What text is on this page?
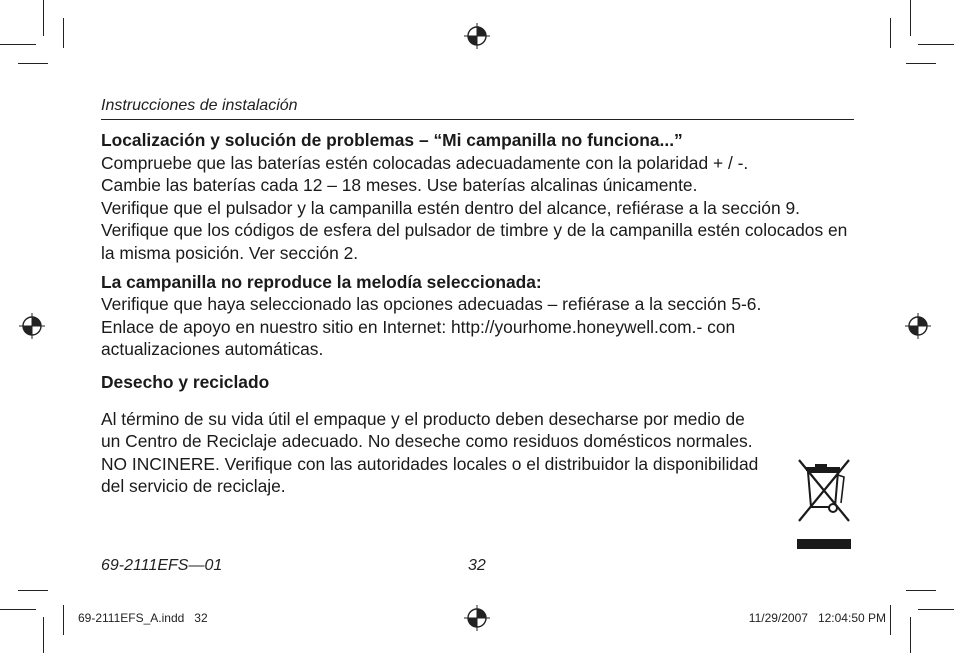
Instrucciones de instalación

Localización y solución de problemas – “Mi campanilla no funciona...”

Compruebe que las baterías estén colocadas adecuadamente con la polaridad + / -.

Cambie las baterías cada 12 – 18 meses. Use baterías alcalinas únicamente.

Verifique que el pulsador y la campanilla estén dentro del alcance, refiérase a la sección 9.

Verifique que los códigos de esfera del pulsador de timbre y de la campanilla estén colocados en la misma posición. Ver sección 2.

La campanilla no reproduce la melodía seleccionada:

Verifique que haya seleccionado las opciones adecuadas – refiérase a la sección 5-6.

Enlace de apoyo en nuestro sitio en Internet: http://yourhome.honeywell.com.- con actualizaciones automáticas.

Desecho y reciclado

Al término de su vida útil el empaque y el producto deben desecharse por medio de un Centro de Reciclaje adecuado. No deseche como residuos domésticos normales. NO INCINERE. Verifique con las autoridades locales o el distribuidor la disponibilidad del servicio de reciclaje.

69-2111EFS—01	32
69-2111EFS_A.indd   32	11/29/2007   12:04:50 PM
